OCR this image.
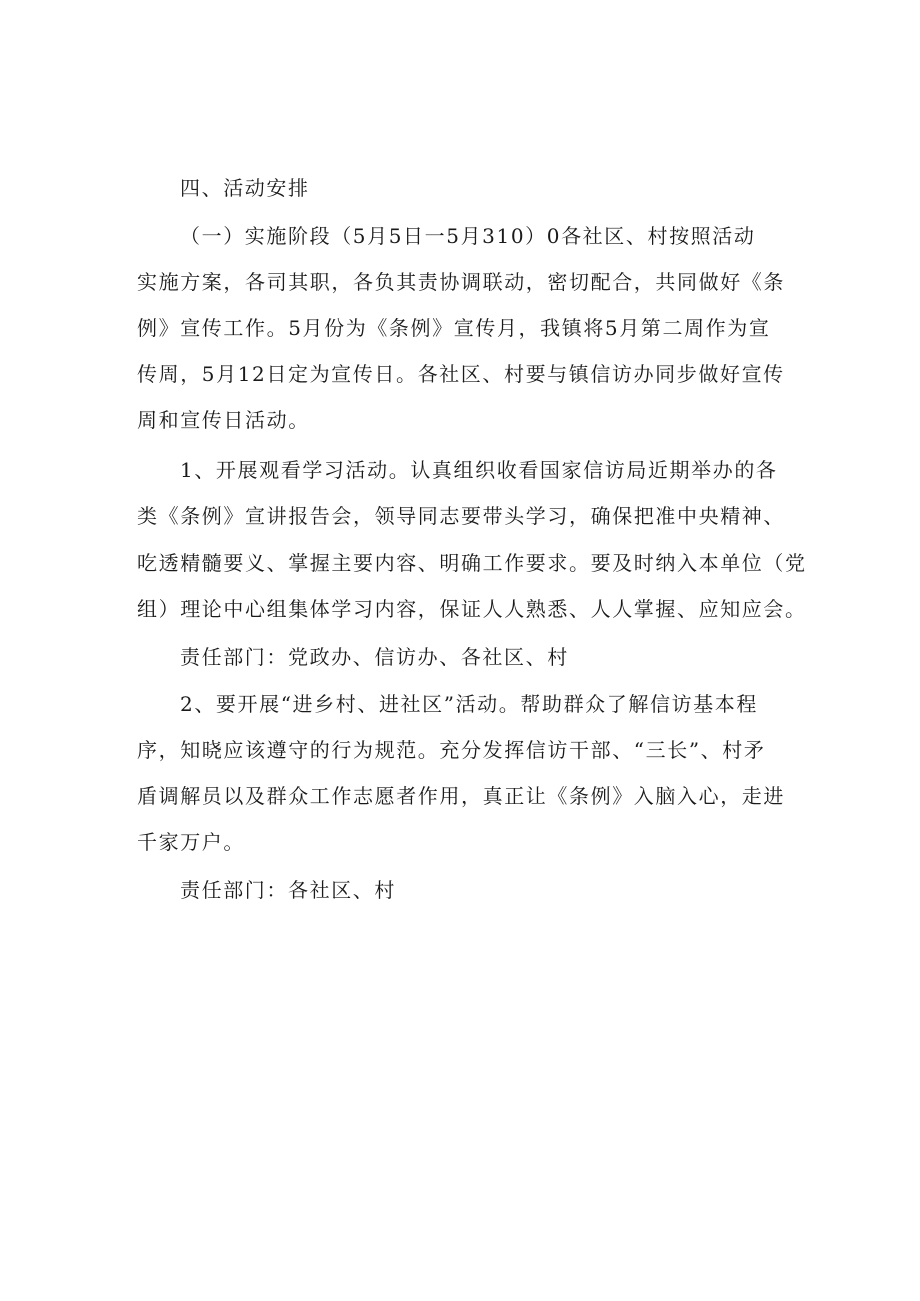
四、活动安排
（一）实施阶段（5月5日一5月310）0各社区、村按照活动
实施方案，各司其职，各负其责协调联动，密切配合，共同做好《条
例》宣传工作。5月份为《条例》宣传月，我镇将5月第二周作为宣
传周，5月12日定为宣传日。各社区、村要与镇信访办同步做好宣传
周和宣传日活动。
1、开展观看学习活动。认真组织收看国家信访局近期举办的各
类《条例》宣讲报告会，领导同志要带头学习，确保把准中央精神、
吃透精髓要义、掌握主要内容、明确工作要求。要及时纳入本单位（党
组）理论中心组集体学习内容，保证人人熟悉、人人掌握、应知应会。
责任部门：党政办、信访办、各社区、村
2、要开展“进乡村、进社区”活动。帮助群众了解信访基本程
序，知晓应该遵守的行为规范。充分发挥信访干部、“三长”、村矛
盾调解员以及群众工作志愿者作用，真正让《条例》入脑入心，走进
千家万户。
责任部门：各社区、村
